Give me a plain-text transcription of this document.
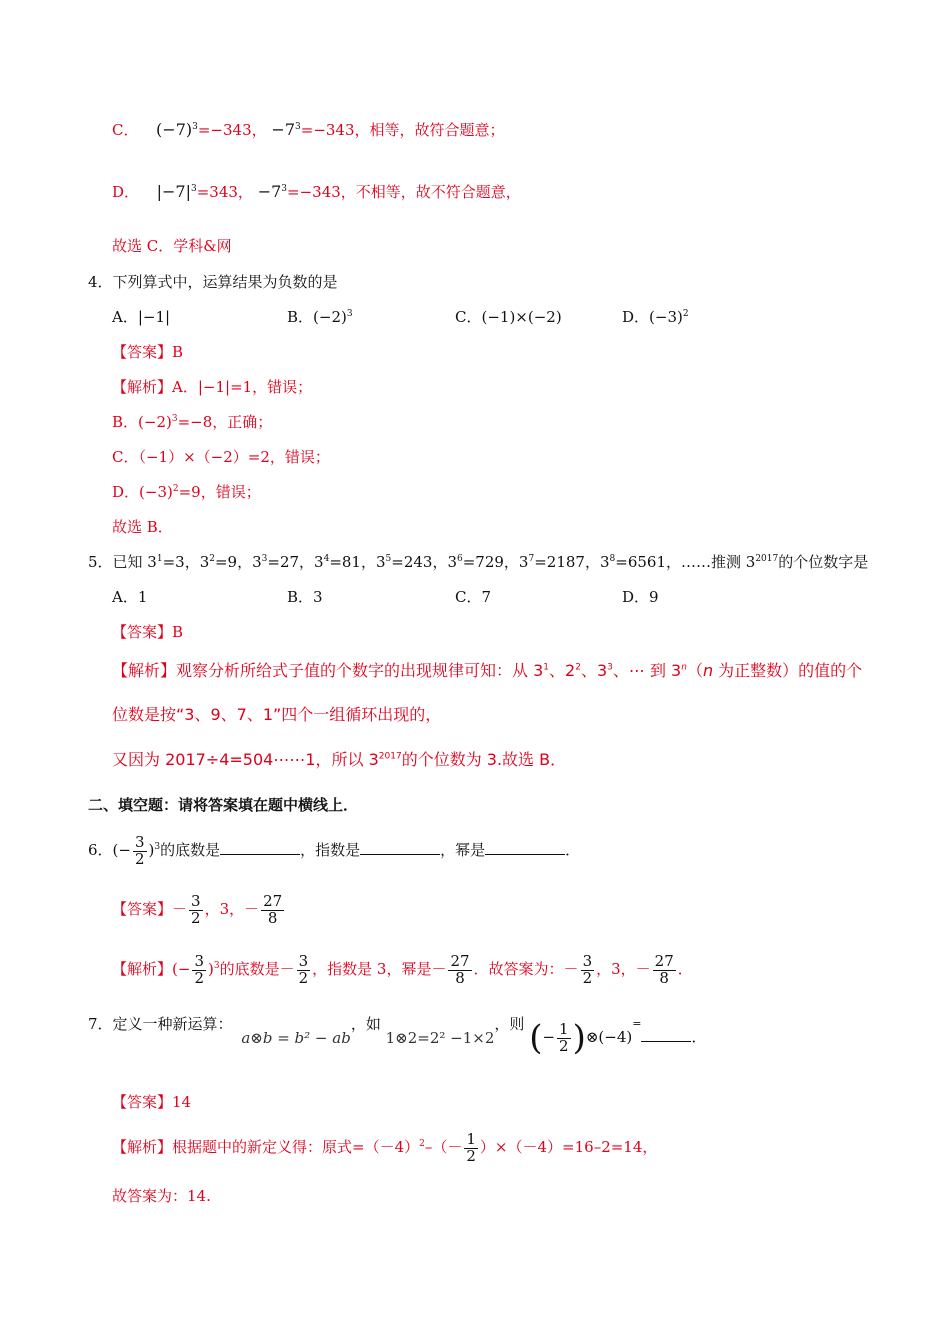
C． $(-7)^3=-343$， $-7^3=-343$，相等，故符合题意；
D． $|-7|^3=343$， $-7^3=-343$，不相等，故不符合题意，
故选 C．学科&网
4．下列算式中，运算结果为负数的是
A．|−1|	B．$(-2)^3$	C．(−1)×(−2)	D．$(-3)^2$
【答案】B
【解析】A．|−1|=1，错误；
B．$(-2)^3=-8$，正确；
C．（−1）×（−2）=2，错误；
D．$(-3)^2=9$，错误；
故选 B．
5．已知 $3^1=3$，$3^2=9$，$3^3=27$，$3^4=81$，$3^5=243$，$3^6=729$，$3^7=2187$，$3^8=6561$，……推测 $3^{2017}$的个位数字是
A．1	B．3	C．7	D．9
【答案】B
【解析】观察分析所给式子值的个数字的出现规律可知：从 $3^1$、$2^2$、$3^3$、⋯ 到 3$^n$（n 为正整数）的值的个
位数是按“3、9、7、1”四个一组循环出现的，
又因为 2017÷4=504⋯⋯1，所以 $3^{2017}$的个位数为 3.故选 B．
二、填空题：请将答案填在题中横线上．
6．(− $\frac{3}{2} )^3$的底数是	，指数是	，幂是	．
【答案】－ $\frac{3}{2}$ ，3，－ $\frac{27}{8}$
【解析】(− $\frac{3}{2} )^3$的底数是－ $\frac{3}{2}$ ，指数是 3，幂是－ $\frac{27}{8}$ ．故答案为：－ $\frac{3}{2}$ ，3，－ $\frac{27}{8}$ ．
7．定义一种新运算： a⊗b = b² − ab，如 1⊗2=2² −1×2，则 (− $\frac{1}{2}$ )⊗(−4)=．
【答案】14
【解析】根据题中的新定义得：原式$=(-4)^2-(- \frac{1}{2} )\times(-4)=16-2=14$，
故答案为：14.
